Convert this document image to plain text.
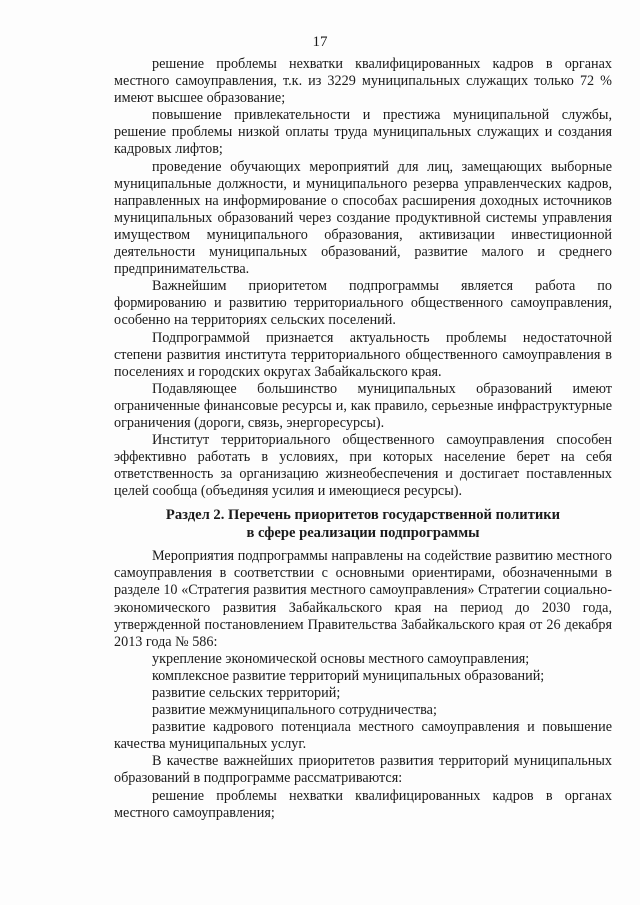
17

решение проблемы нехватки квалифицированных кадров в органах местного самоуправления, т.к. из 3229 муниципальных служащих только 72 % имеют высшее образование;

повышение привлекательности и престижа муниципальной службы, решение проблемы низкой оплаты труда муниципальных служащих и создания кадровых лифтов;

проведение обучающих мероприятий для лиц, замещающих выборные муниципальные должности, и муниципального резерва управленческих кадров, направленных на информирование о способах расширения доходных источников муниципальных образований через создание продуктивной системы управления имуществом муниципального образования, активизации инвестиционной деятельности муниципальных образований, развитие малого и среднего предпринимательства.

Важнейшим приоритетом подпрограммы является работа по формированию и развитию территориального общественного самоуправления, особенно на территориях сельских поселений.

Подпрограммой признается актуальность проблемы недостаточной степени развития института территориального общественного самоуправления в поселениях и городских округах Забайкальского края.

Подавляющее большинство муниципальных образований имеют ограниченные финансовые ресурсы и, как правило, серьезные инфраструктурные ограничения (дороги, связь, энергоресурсы).

Институт территориального общественного самоуправления способен эффективно работать в условиях, при которых население берет на себя ответственность за организацию жизнеобеспечения и достигает поставленных целей сообща (объединяя усилия и имеющиеся ресурсы).

Раздел 2. Перечень приоритетов государственной политики
в сфере реализации подпрограммы

Мероприятия подпрограммы направлены на содействие развитию местного самоуправления в соответствии с основными ориентирами, обозначенными в разделе 10 «Стратегия развития местного самоуправления» Стратегии социально-экономического развития Забайкальского края на период до 2030 года, утвержденной постановлением Правительства Забайкальского края от 26 декабря 2013 года № 586:

укрепление экономической основы местного самоуправления;

комплексное развитие территорий муниципальных образований;

развитие сельских территорий;

развитие межмуниципального сотрудничества;

развитие кадрового потенциала местного самоуправления и повышение качества муниципальных услуг.

В качестве важнейших приоритетов развития территорий муниципальных образований в подпрограмме рассматриваются:

решение проблемы нехватки квалифицированных кадров в органах местного самоуправления;
